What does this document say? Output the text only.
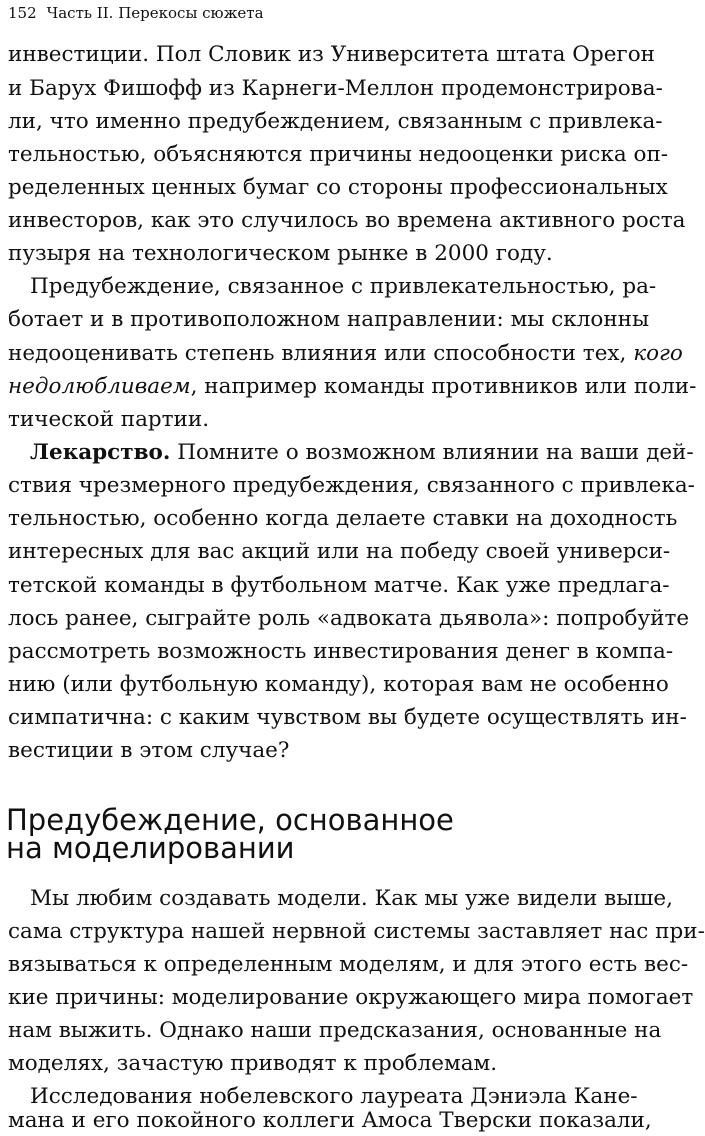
152 Часть II. Перекосы сюжета
инвестиции. Пол Словик из Университета штата Орегон
и Барух Фишофф из Карнеги-Меллон продемонстрирова-
ли, что именно предубеждением, связанным с привлека-
тельностью, объясняются причины недооценки риска оп-
ределенных ценных бумаг со стороны профессиональных
инвесторов, как это случилось во времена активного роста
пузыря на технологическом рынке в 2000 году.
Предубеждение, связанное с привлекательностью, ра-
ботает и в противоположном направлении: мы склонны
недооценивать степень влияния или способности тех, кого
недолюбливаем, например команды противников или поли-
тической партии.
Лекарство. Помните о возможном влиянии на ваши дей-
ствия чрезмерного предубеждения, связанного с привлека-
тельностью, особенно когда делаете ставки на доходность
интересных для вас акций или на победу своей универси-
тетской команды в футбольном матче. Как уже предлага-
лось ранее, сыграйте роль «адвоката дьявола»: попробуйте
рассмотреть возможность инвестирования денег в компа-
нию (или футбольную команду), которая вам не особенно
симпатична: с каким чувством вы будете осуществлять ин-
вестиции в этом случае?
Предубеждение, основанное
на моделировании
Мы любим создавать модели. Как мы уже видели выше,
сама структура нашей нервной системы заставляет нас при-
вязываться к определенным моделям, и для этого есть вес-
кие причины: моделирование окружающего мира помогает
нам выжить. Однако наши предсказания, основанные на
моделях, зачастую приводят к проблемам.
Исследования нобелевского лауреата Дэниэла Кане-
мана и его покойного коллеги Амоса Тверски показали,
